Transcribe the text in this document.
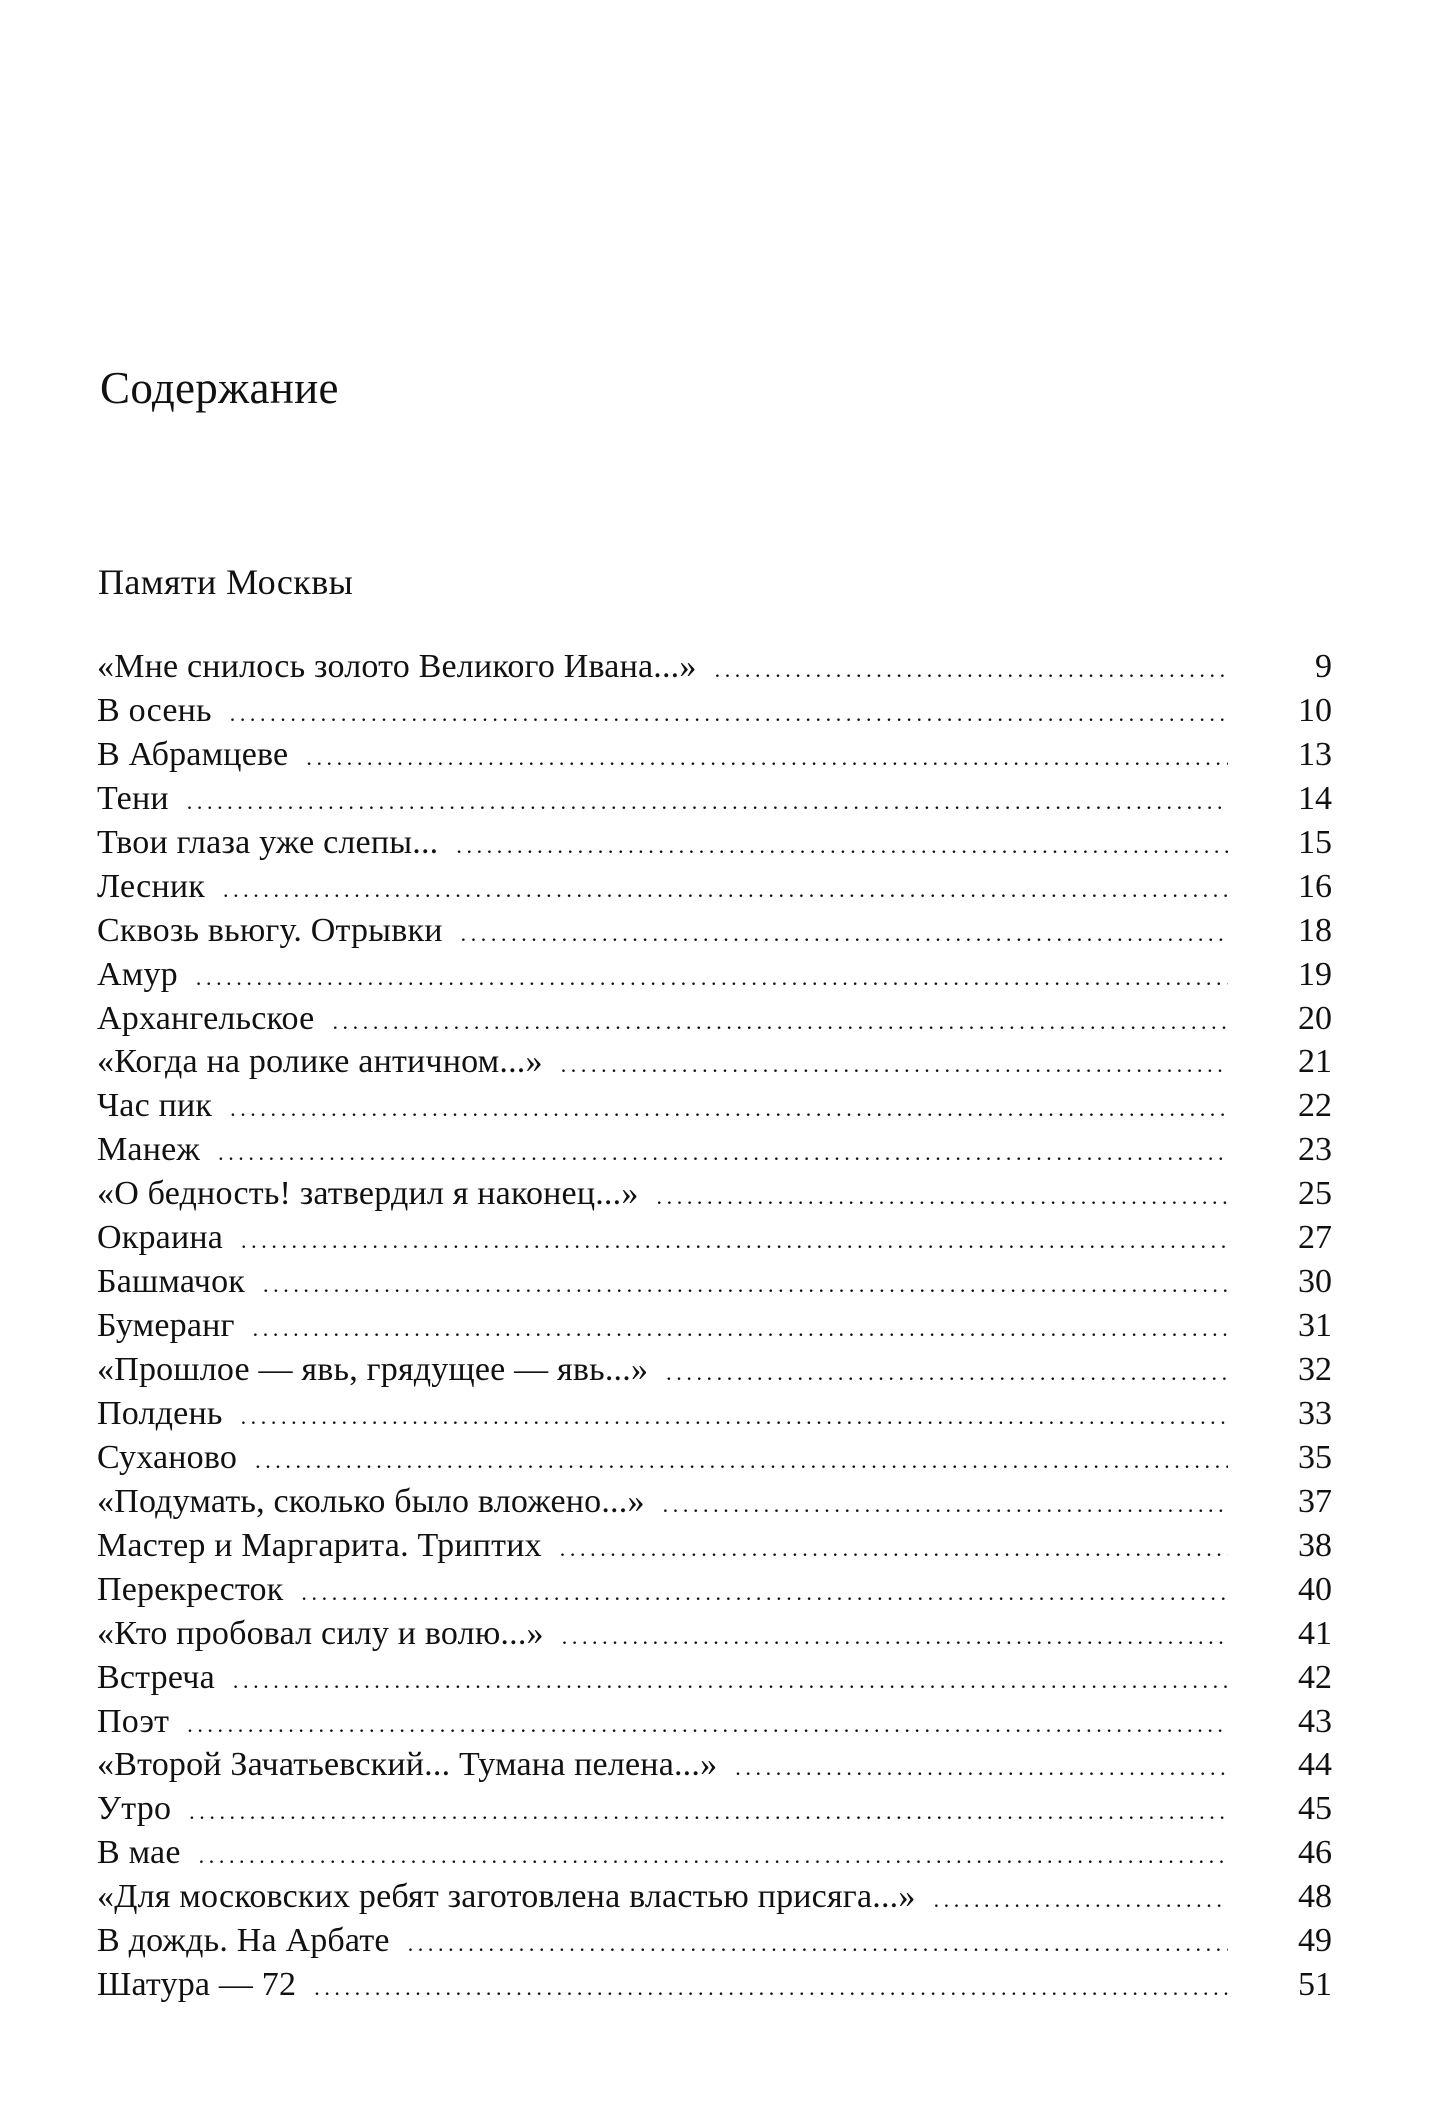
Содержание
Памяти Москвы
«Мне снилось золото Великого Ивана...» .....	9
В осень .....	10
В Абрамцеве .....	13
Тени .....	14
Твои глаза уже слепы... .....	15
Лесник .....	16
Сквозь вьюгу. Отрывки .....	18
Амур .....	19
Архангельское .....	20
«Когда на ролике античном...» .....	21
Час пик .....	22
Манеж .....	23
«О бедность! затвердил я наконец...» .....	25
Окраина .....	27
Башмачок .....	30
Бумеранг .....	31
«Прошлое — явь, грядущее — явь...» .....	32
Полдень .....	33
Суханово .....	35
«Подумать, сколько было вложено...» .....	37
Мастер и Маргарита. Триптих .....	38
Перекресток .....	40
«Кто пробовал силу и волю...» .....	41
Встреча .....	42
Поэт .....	43
«Второй Зачатьевский... Тумана пелена...» .....	44
Утро .....	45
В мае .....	46
«Для московских ребят заготовлена властью присяга...» .....	48
В дождь. На Арбате .....	49
Шатура — 72 .....	51
